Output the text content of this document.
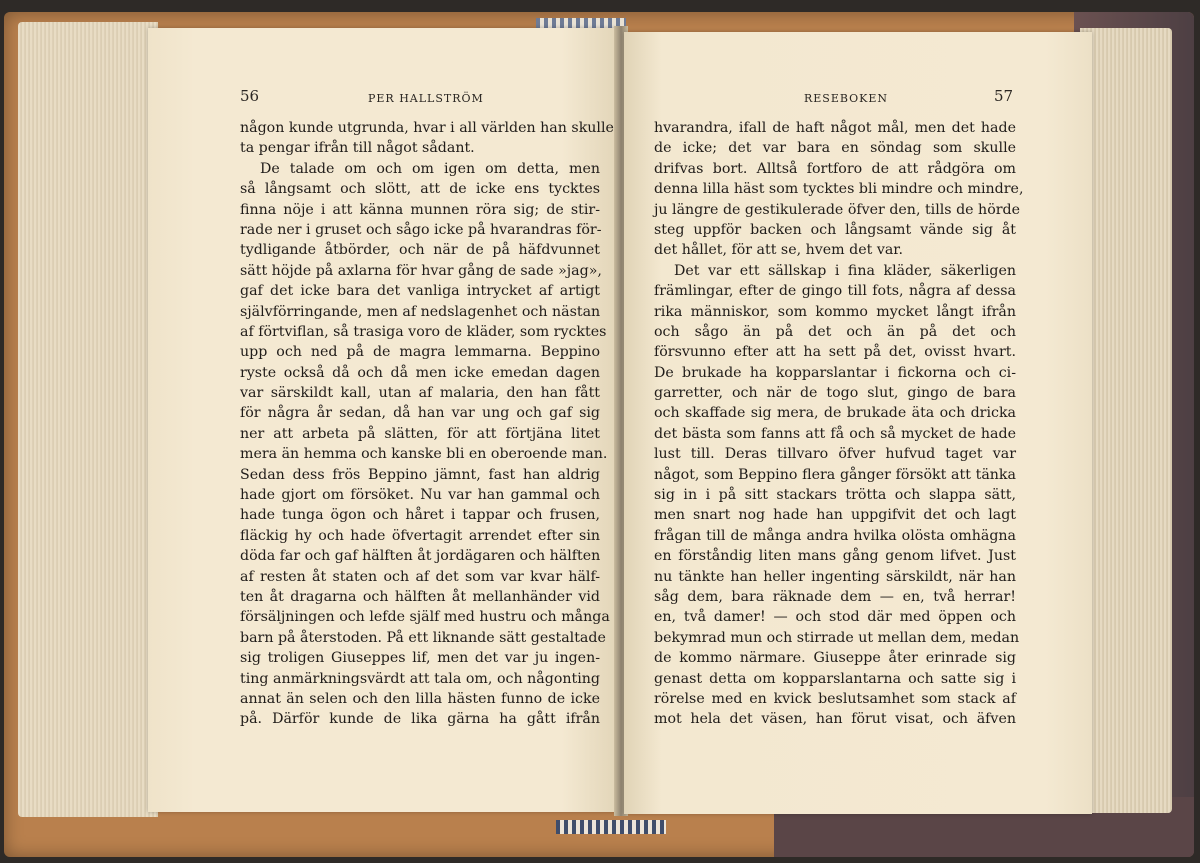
56	PER HALLSTRÖM
någon kunde utgrunda, hvar i all världen han skulle
ta pengar ifrån till något sådant.
De talade om och om igen om detta, men
så långsamt och slött, att de icke ens tycktes
finna nöje i att känna munnen röra sig; de stir-
rade ner i gruset och sågo icke på hvarandras för-
tydligande åtbörder, och när de på häfdvunnet
sätt höjde på axlarna för hvar gång de sade »jag»,
gaf det icke bara det vanliga intrycket af artigt
självförringande, men af nedslagenhet och nästan
af förtviflan, så trasiga voro de kläder, som rycktes
upp och ned på de magra lemmarna. Beppino
ryste också då och då men icke emedan dagen
var särskildt kall, utan af malaria, den han fått
för några år sedan, då han var ung och gaf sig
ner att arbeta på slätten, för att förtjäna litet
mera än hemma och kanske bli en oberoende man.
Sedan dess frös Beppino jämnt, fast han aldrig
hade gjort om försöket. Nu var han gammal och
hade tunga ögon och håret i tappar och frusen,
fläckig hy och hade öfvertagit arrendet efter sin
döda far och gaf hälften åt jordägaren och hälften
af resten åt staten och af det som var kvar hälf-
ten åt dragarna och hälften åt mellanhänder vid
försäljningen och lefde själf med hustru och många
barn på återstoden. På ett liknande sätt gestaltade
sig troligen Giuseppes lif, men det var ju ingen-
ting anmärkningsvärdt att tala om, och någonting
annat än selen och den lilla hästen funno de icke
på. Därför kunde de lika gärna ha gått ifrån
RESEBOKEN	57
hvarandra, ifall de haft något mål, men det hade
de icke; det var bara en söndag som skulle
drifvas bort. Alltså fortforo de att rådgöra om
denna lilla häst som tycktes bli mindre och mindre,
ju längre de gestikulerade öfver den, tills de hörde
steg uppför backen och långsamt vände sig åt
det hållet, för att se, hvem det var.
Det var ett sällskap i fina kläder, säkerligen
främlingar, efter de gingo till fots, några af dessa
rika människor, som kommo mycket långt ifrån
och sågo än på det och än på det och
försvunno efter att ha sett på det, ovisst hvart.
De brukade ha kopparslantar i fickorna och ci-
garretter, och när de togo slut, gingo de bara
och skaffade sig mera, de brukade äta och dricka
det bästa som fanns att få och så mycket de hade
lust till. Deras tillvaro öfver hufvud taget var
något, som Beppino flera gånger försökt att tänka
sig in i på sitt stackars trötta och slappa sätt,
men snart nog hade han uppgifvit det och lagt
frågan till de många andra hvilka olösta omhägna
en förståndig liten mans gång genom lifvet. Just
nu tänkte han heller ingenting särskildt, när han
såg dem, bara räknade dem — en, två herrar!
en, två damer! — och stod där med öppen och
bekymrad mun och stirrade ut mellan dem, medan
de kommo närmare. Giuseppe åter erinrade sig
genast detta om kopparslantarna och satte sig i
rörelse med en kvick beslutsamhet som stack af
mot hela det väsen, han förut visat, och äfven
